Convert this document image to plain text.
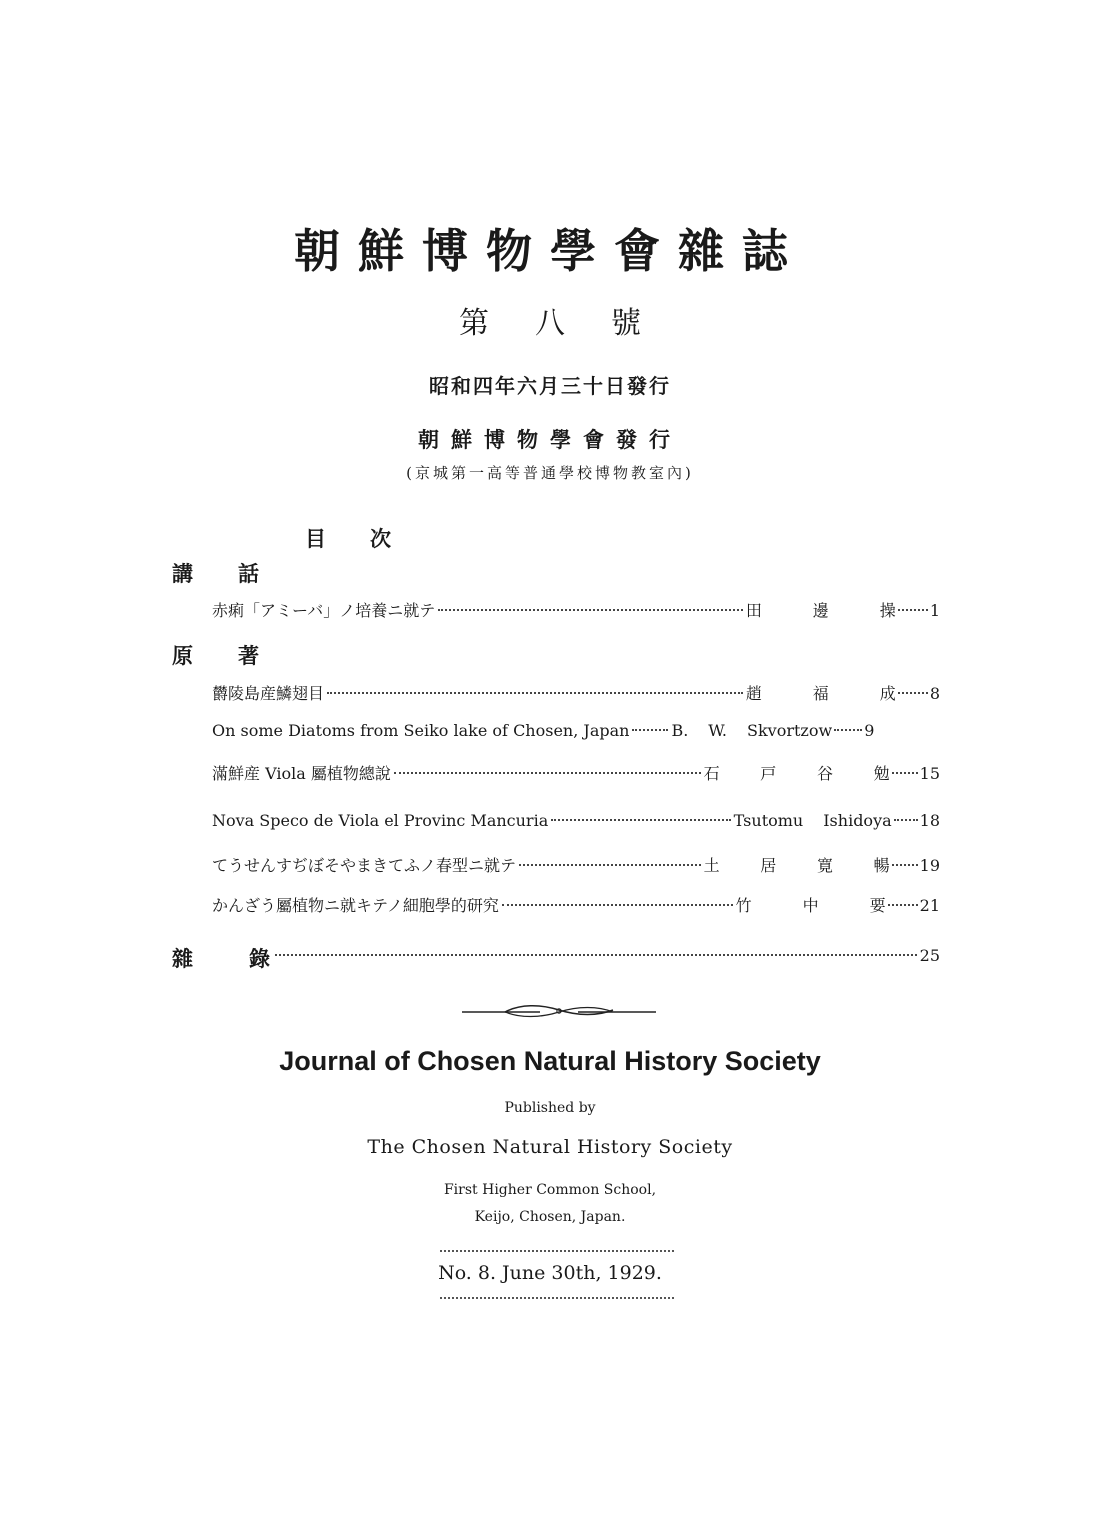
朝鮮博物學會雜誌
第八號
昭和四年六月三十日發行
朝鮮博物學會發行
(京城第一高等普通學校博物教室內)
目次
講話
赤痢「アミーバ」ノ培養ニ就テ	田	邊	操 1
原著
欝陵島産鱗翅目	趙	福	成 8
On some Diatoms from Seiko lake of Chosen, Japan	B. W. Skvortzow 9
滿鮮産 Viola 屬植物總說	石	戸	谷	勉 15
Nova Speco de Viola el Provinc Mancuria	Tsutomu Ishidoya 18
てうせんすぢぼそやまきてふノ春型ニ就テ	土	居	寛	暢 19
かんざう屬植物ニ就キテノ細胞學的研究	竹	中	要 21
雜錄	25
Journal of Chosen Natural History Society
Published by
The Chosen Natural History Society
First Higher Common School,
Keijo, Chosen, Japan.
No. 8. June 30th, 1929.
